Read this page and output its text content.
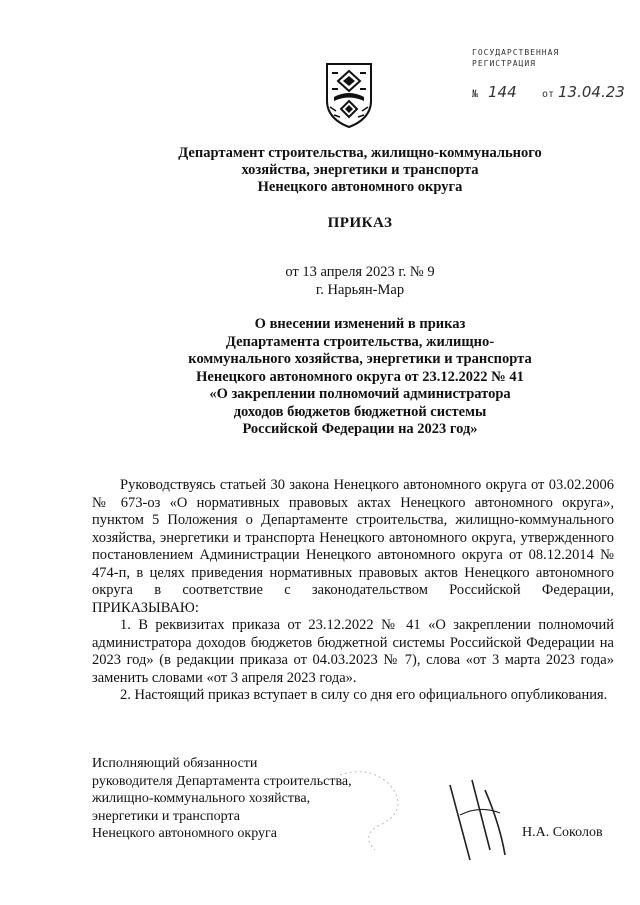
ГОСУДАРСТВЕННАЯ
РЕГИСТРАЦИЯ
№ 144	от 13.04.23
Департамент строительства, жилищно-коммунального
хозяйства, энергетики и транспорта
Ненецкого автономного округа
ПРИКАЗ
от 13 апреля 2023 г. № 9
г. Нарьян-Мар
О внесении изменений в приказ
Департамента строительства, жилищно-
коммунального хозяйства, энергетики и транспорта
Ненецкого автономного округа от 23.12.2022 № 41
«О закреплении полномочий администратора
доходов бюджетов бюджетной системы
Российской Федерации на 2023 год»

Руководствуясь статьей 30 закона Ненецкого автономного округа от 03.02.2006 № 673-оз «О нормативных правовых актах Ненецкого автономного округа», пунктом 5 Положения о Департаменте строительства, жилищно-коммунального хозяйства, энергетики и транспорта Ненецкого автономного округа, утвержденного постановлением Администрации Ненецкого автономного округа от 08.12.2014 № 474-п, в целях приведения нормативных правовых актов Ненецкого автономного округа в соответствие с законодательством Российской Федерации, ПРИКАЗЫВАЮ:

1. В реквизитах приказа от 23.12.2022 № 41 «О закреплении полномочий администратора доходов бюджетов бюджетной системы Российской Федерации на 2023 год» (в редакции приказа от 04.03.2023 № 7), слова «от 3 марта 2023 года» заменить словами «от 3 апреля 2023 года».

2. Настоящий приказ вступает в силу со дня его официального опубликования.

Исполняющий обязанности
руководителя Департамента строительства,
жилищно-коммунального хозяйства,
энергетики и транспорта
Ненецкого автономного округа	Н.А. Соколов
